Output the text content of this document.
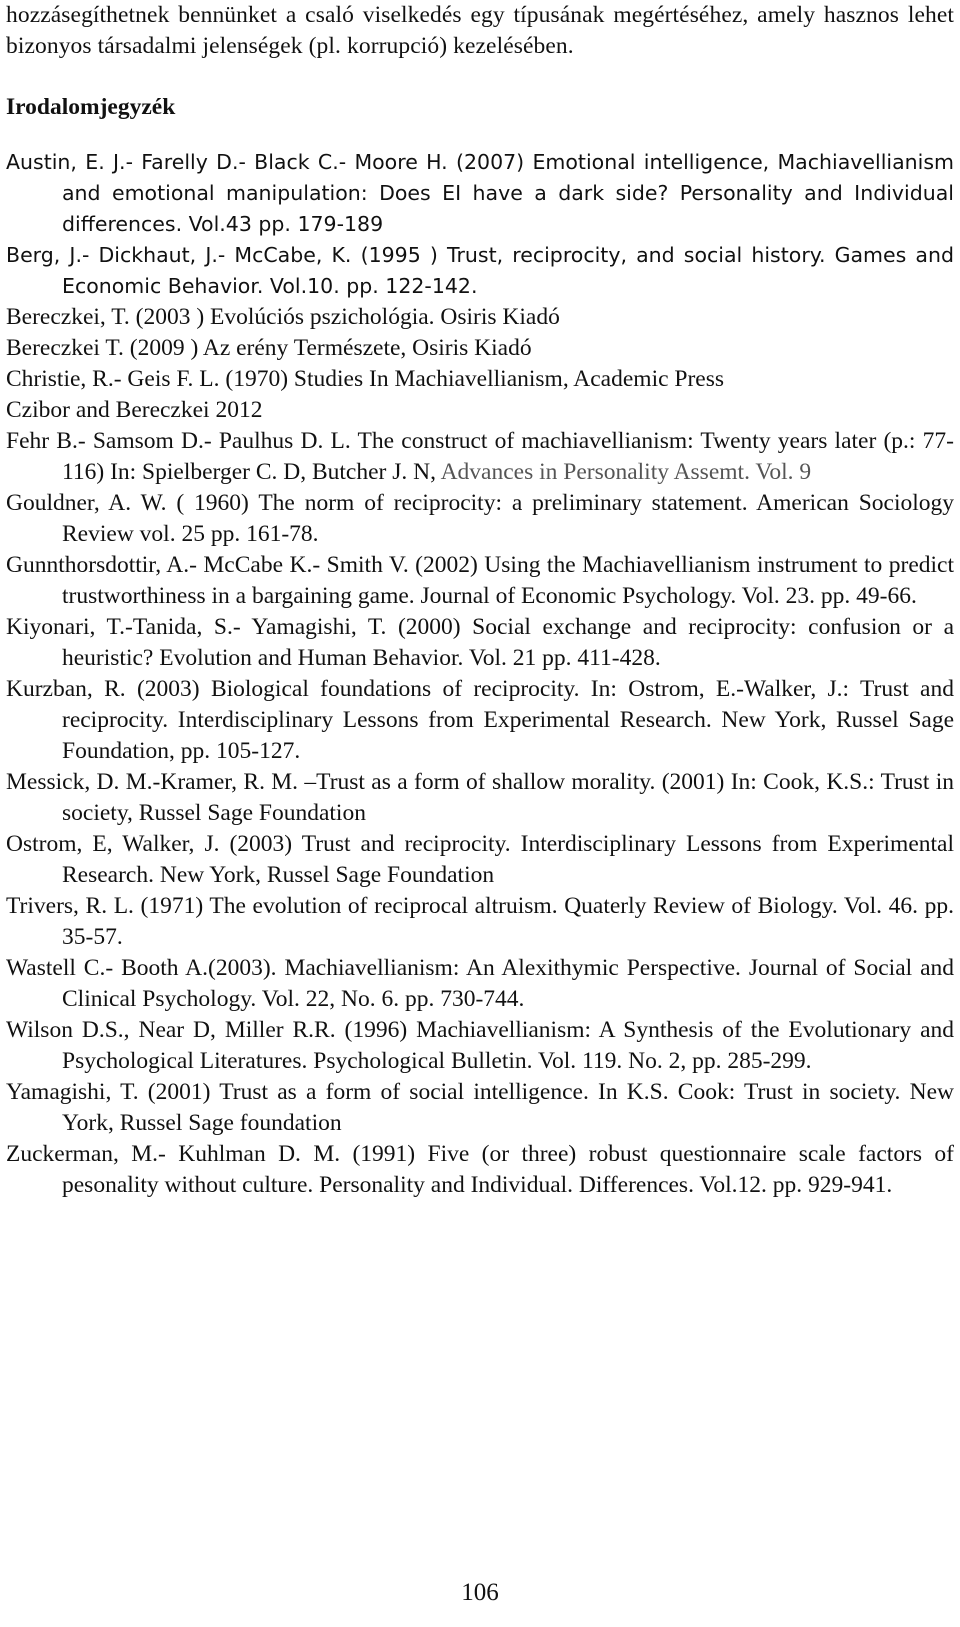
hozzásegíthetnek bennünket a csaló viselkedés egy típusának megértéséhez, amely hasznos lehet bizonyos társadalmi jelenségek (pl. korrupció) kezelésében.

Irodalomjegyzék
Austin, E. J.- Farelly D.- Black C.- Moore H. (2007) Emotional intelligence, Machiavellianism and emotional manipulation: Does EI have a dark side? Personality and Individual differences. Vol.43 pp. 179-189
Berg, J.- Dickhaut, J.- McCabe, K. (1995 ) Trust, reciprocity, and social history. Games and Economic Behavior. Vol.10. pp. 122-142.
Bereczkei, T. (2003 ) Evolúciós pszichológia. Osiris Kiadó
Bereczkei T. (2009 ) Az erény Természete, Osiris Kiadó
Christie, R.- Geis F. L. (1970) Studies In Machiavellianism, Academic Press
Czibor and Bereczkei 2012
Fehr B.- Samsom D.- Paulhus D. L. The construct of machiavellianism: Twenty years later (p.: 77-116) In: Spielberger C. D, Butcher J. N, Advances in Personality Assemt. Vol. 9
Gouldner, A. W. ( 1960) The norm of reciprocity: a preliminary statement. American Sociology Review vol. 25 pp. 161-78.
Gunnthorsdottir, A.- McCabe K.- Smith V. (2002) Using the Machiavellianism instrument to predict trustworthiness in a bargaining game. Journal of Economic Psychology. Vol. 23. pp. 49-66.
Kiyonari, T.-Tanida, S.- Yamagishi, T. (2000) Social exchange and reciprocity: confusion or a heuristic? Evolution and Human Behavior. Vol. 21 pp. 411-428.
Kurzban, R. (2003) Biological foundations of reciprocity. In: Ostrom, E.-Walker, J.: Trust and reciprocity. Interdisciplinary Lessons from Experimental Research. New York, Russel Sage Foundation, pp. 105-127.
Messick, D. M.-Kramer, R. M. –Trust as a form of shallow morality. (2001) In: Cook, K.S.: Trust in society, Russel Sage Foundation
Ostrom, E, Walker, J. (2003) Trust and reciprocity. Interdisciplinary Lessons from Experimental Research. New York, Russel Sage Foundation
Trivers, R. L. (1971) The evolution of reciprocal altruism. Quaterly Review of Biology. Vol. 46. pp. 35-57.
Wastell C.- Booth A.(2003). Machiavellianism: An Alexithymic Perspective. Journal of Social and Clinical Psychology. Vol. 22, No. 6. pp. 730-744.
Wilson D.S., Near D, Miller R.R. (1996) Machiavellianism: A Synthesis of the Evolutionary and Psychological Literatures. Psychological Bulletin. Vol. 119. No. 2, pp. 285-299.
Yamagishi, T. (2001) Trust as a form of social intelligence. In K.S. Cook: Trust in society. New York, Russel Sage foundation
Zuckerman, M.- Kuhlman D. M. (1991) Five (or three) robust questionnaire scale factors of pesonality without culture. Personality and Individual. Differences. Vol.12. pp. 929-941.
106
